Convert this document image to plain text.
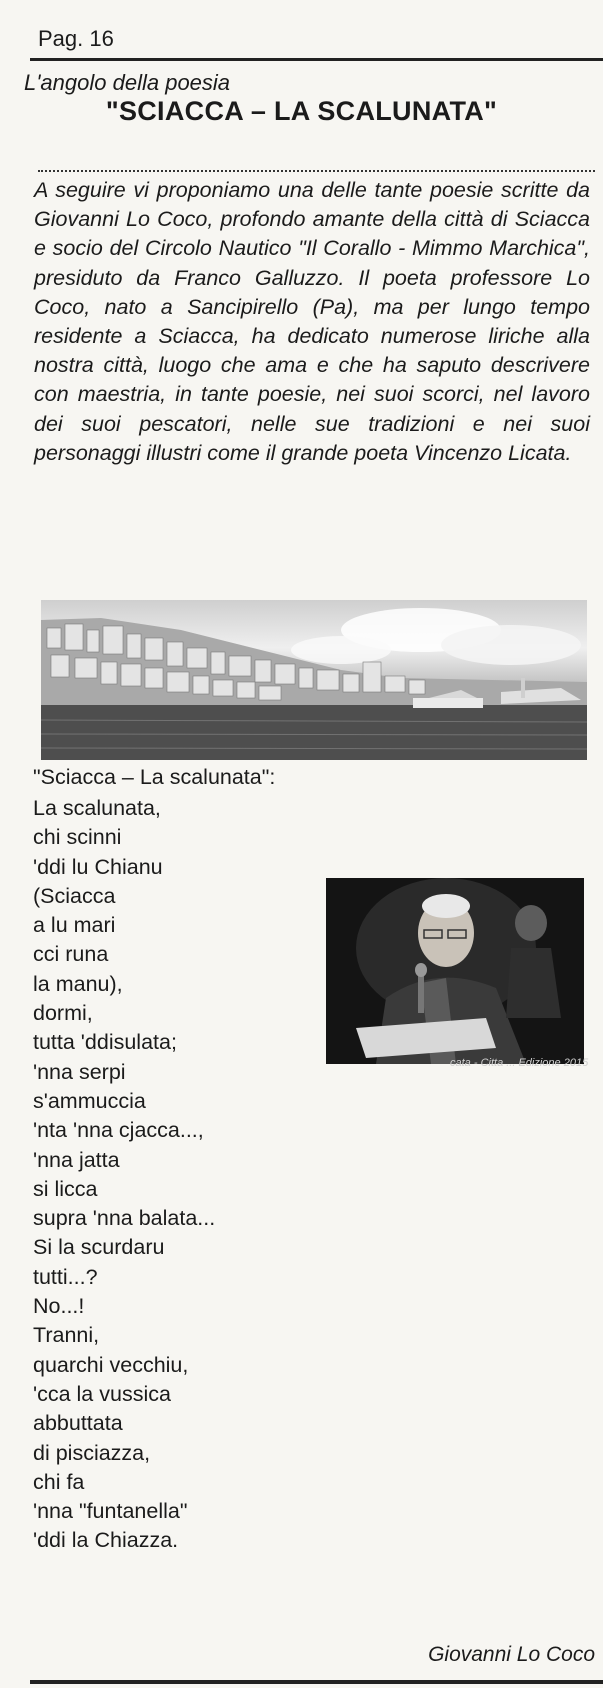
Pag. 16
L'angolo della poesia
"SCIACCA – LA SCALUNATA"

A seguire vi proponiamo una delle tante poesie scritte da Giovanni Lo Coco, profondo amante della città di Sciacca e socio del Circolo Nautico "Il Corallo - Mimmo Marchica", presiduto da Franco Galluzzo. Il poeta professore Lo Coco, nato a Sancipirello (Pa), ma per lungo tempo residente a Sciacca, ha dedicato numerose liriche alla nostra città, luogo che ama e che ha saputo descrivere con maestria, in tante poesie, nei suoi scorci, nel lavoro dei suoi pescatori, nelle sue tradizioni e nei suoi personaggi illustri come il grande poeta Vincenzo Licata.

"Sciacca – La scalunata":
La scalunata,
chi scinni
'ddi lu Chianu
(Sciacca
a lu mari
cci runa
la manu),
dormi,
tutta 'ddisulata;
'nna serpi
s'ammuccia
'nta 'nna cjacca...,
'nna jatta
si licca
supra 'nna balata...
Si la scurdaru
tutti...?
No...!
Tranni,
quarchi vecchiu,
'cca la vussica
abbuttata
di pisciazza,
chi fa
'nna "funtanella"
'ddi la Chiazza.
cata - Citta ... Edizione 2015
Giovanni Lo Coco
